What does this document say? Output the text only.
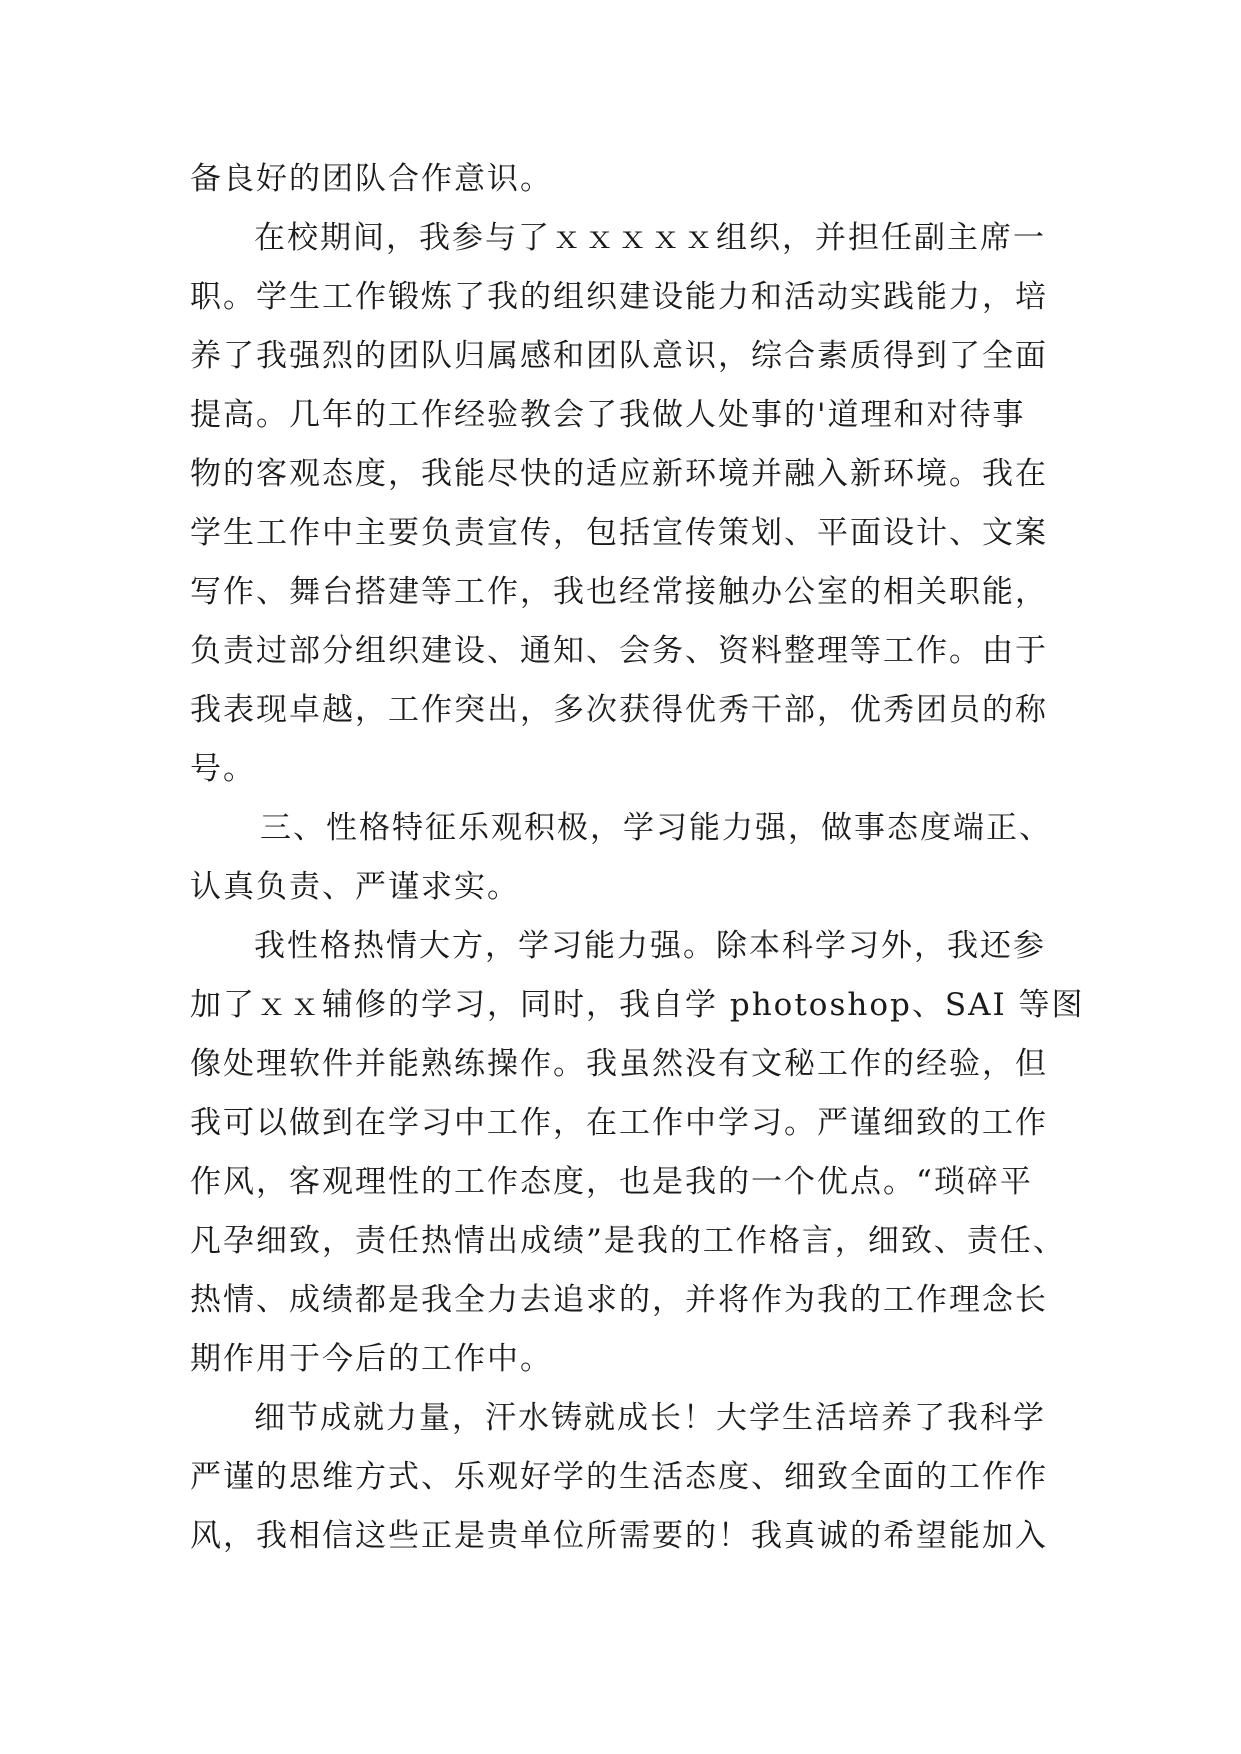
备良好的团队合作意识。
在校期间，我参与了ｘｘｘｘｘ组织，并担任副主席一
职。学生工作锻炼了我的组织建设能力和活动实践能力，培
养了我强烈的团队归属感和团队意识，综合素质得到了全面
提高。几年的工作经验教会了我做人处事的'道理和对待事
物的客观态度，我能尽快的适应新环境并融入新环境。我在
学生工作中主要负责宣传，包括宣传策划、平面设计、文案
写作、舞台搭建等工作，我也经常接触办公室的相关职能，
负责过部分组织建设、通知、会务、资料整理等工作。由于
我表现卓越，工作突出，多次获得优秀干部，优秀团员的称
号。
三、性格特征乐观积极，学习能力强，做事态度端正、
认真负责、严谨求实。
我性格热情大方，学习能力强。除本科学习外，我还参
加了ｘｘ辅修的学习，同时，我自学 photoshop、SAI 等图
像处理软件并能熟练操作。我虽然没有文秘工作的经验，但
我可以做到在学习中工作，在工作中学习。严谨细致的工作
作风，客观理性的工作态度，也是我的一个优点。“琐碎平
凡孕细致，责任热情出成绩”是我的工作格言，细致、责任、
热情、成绩都是我全力去追求的，并将作为我的工作理念长
期作用于今后的工作中。
细节成就力量，汗水铸就成长！大学生活培养了我科学
严谨的思维方式、乐观好学的生活态度、细致全面的工作作
风，我相信这些正是贵单位所需要的！我真诚的希望能加入
